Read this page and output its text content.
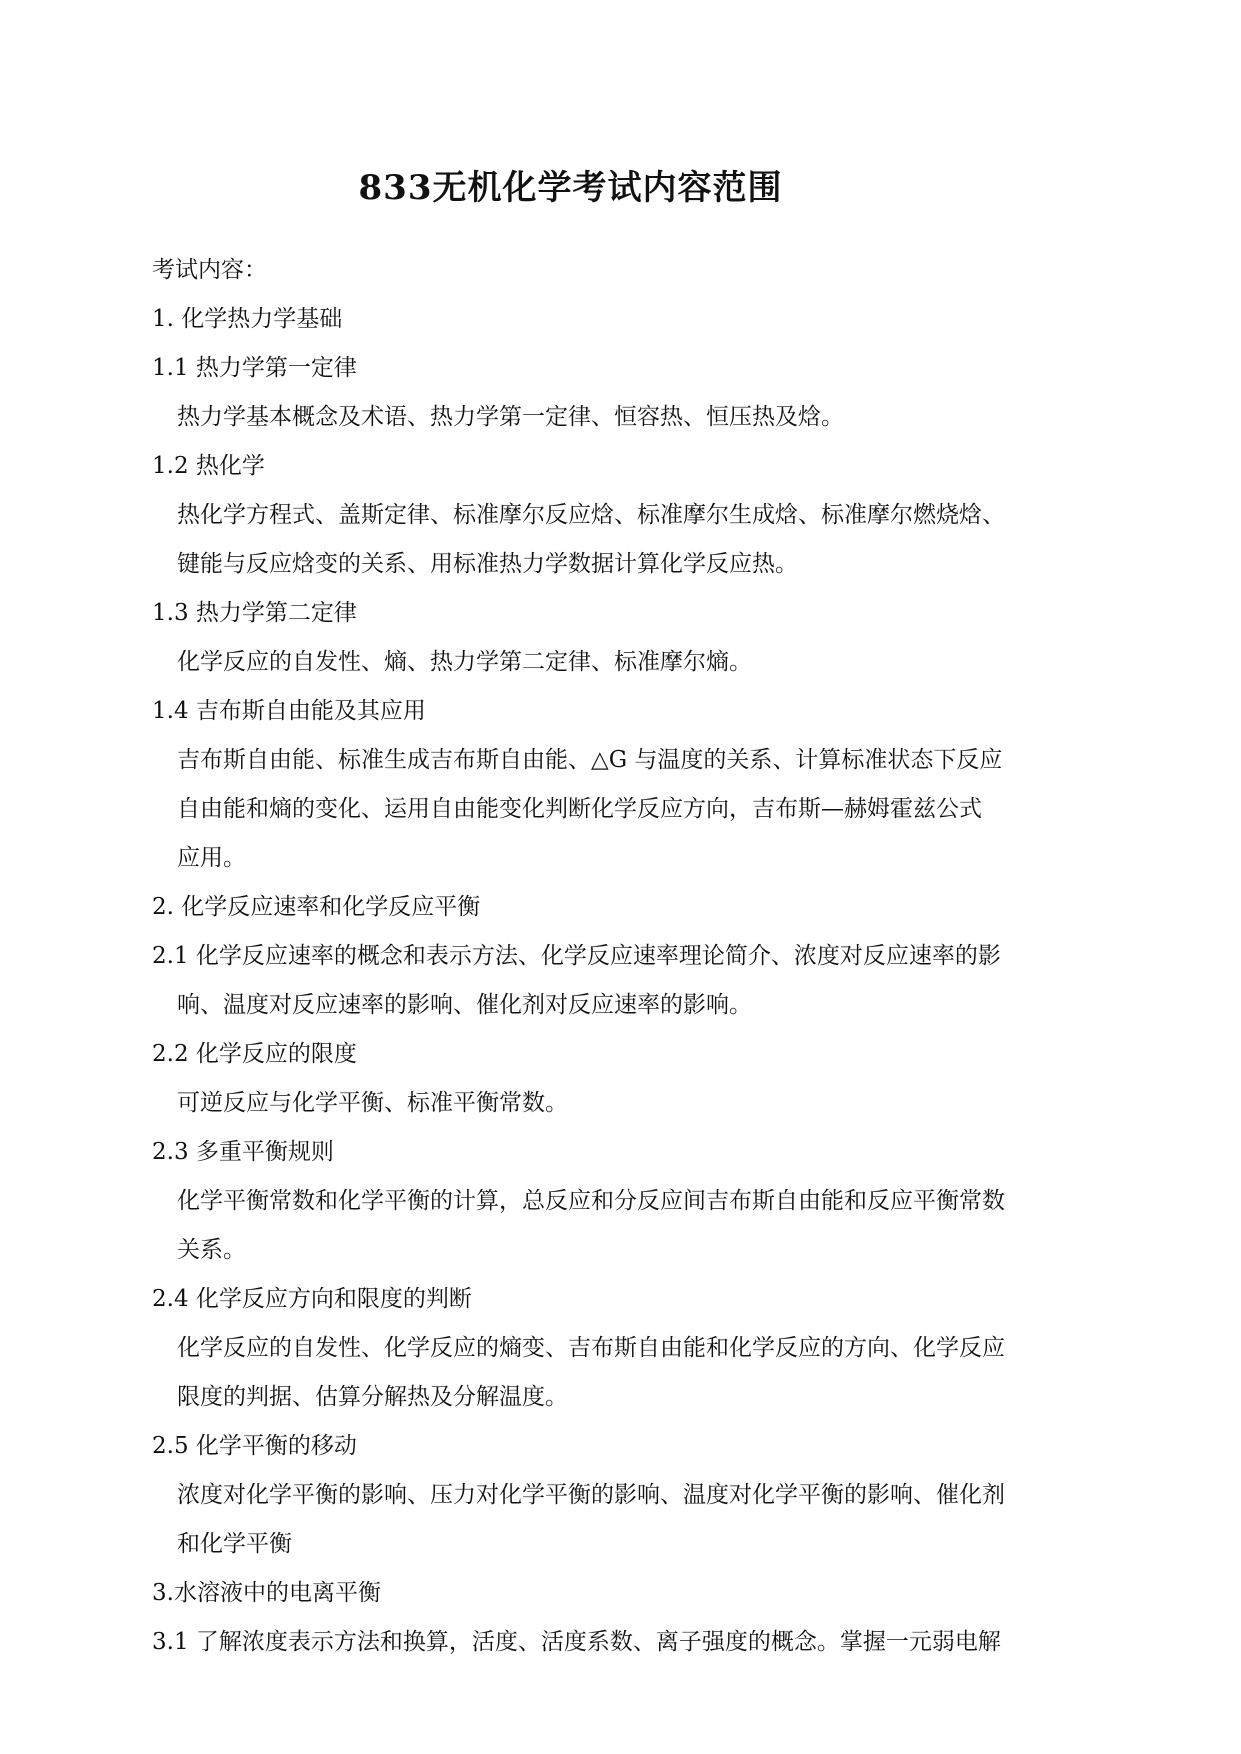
833无机化学考试内容范围
考试内容：
1. 化学热力学基础
1.1 热力学第一定律
热力学基本概念及术语、热力学第一定律、恒容热、恒压热及焓。
1.2 热化学
热化学方程式、盖斯定律、标准摩尔反应焓、标准摩尔生成焓、标准摩尔燃烧焓、
键能与反应焓变的关系、用标准热力学数据计算化学反应热。
1.3 热力学第二定律
化学反应的自发性、熵、热力学第二定律、标准摩尔熵。
1.4 吉布斯自由能及其应用
吉布斯自由能、标准生成吉布斯自由能、△G 与温度的关系、计算标准状态下反应
自由能和熵的变化、运用自由能变化判断化学反应方向，吉布斯—赫姆霍兹公式
应用。
2. 化学反应速率和化学反应平衡
2.1 化学反应速率的概念和表示方法、化学反应速率理论简介、浓度对反应速率的影
响、温度对反应速率的影响、催化剂对反应速率的影响。
2.2 化学反应的限度
可逆反应与化学平衡、标准平衡常数。
2.3 多重平衡规则
化学平衡常数和化学平衡的计算，总反应和分反应间吉布斯自由能和反应平衡常数
关系。
2.4 化学反应方向和限度的判断
化学反应的自发性、化学反应的熵变、吉布斯自由能和化学反应的方向、化学反应
限度的判据、估算分解热及分解温度。
2.5 化学平衡的移动
浓度对化学平衡的影响、压力对化学平衡的影响、温度对化学平衡的影响、催化剂
和化学平衡
3.水溶液中的电离平衡
3.1 了解浓度表示方法和换算，活度、活度系数、离子强度的概念。掌握一元弱电解
